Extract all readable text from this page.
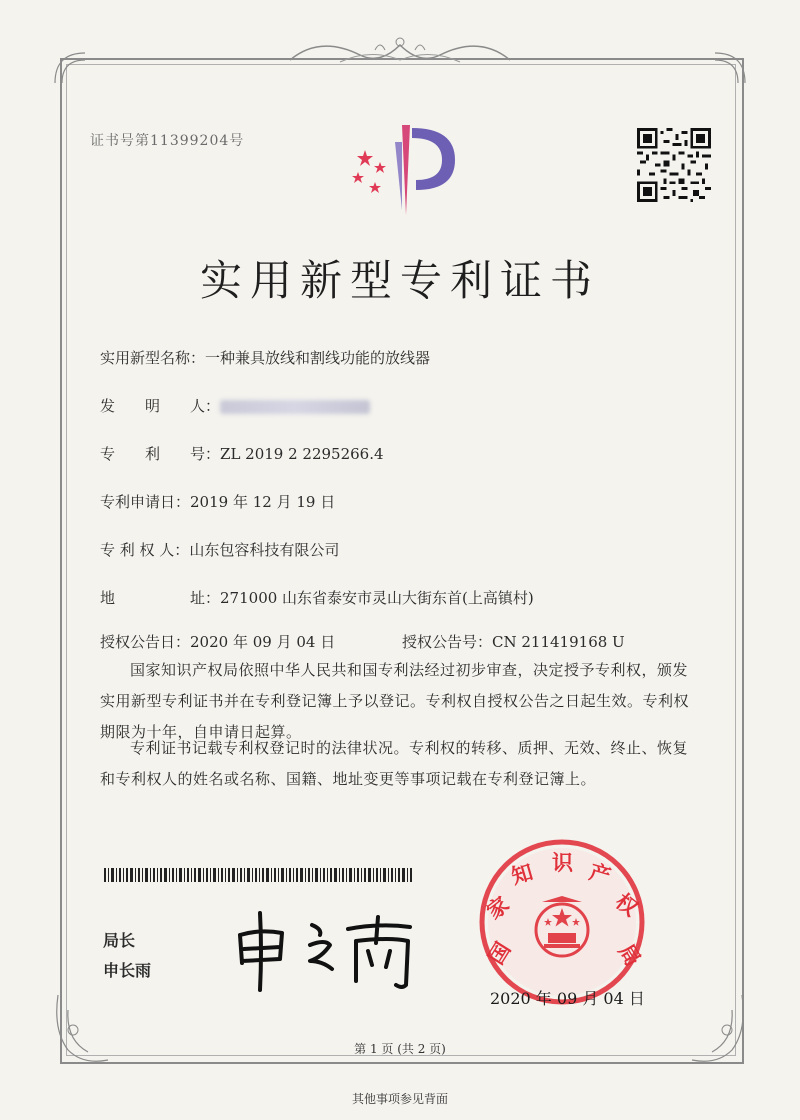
证书号第11399204号
实用新型专利证书
实用新型名称：一种兼具放线和割线功能的放线器
发　　明　　人：
专　　利　　号：ZL 2019 2 2295266.4
专利申请日：2019 年 12 月 19 日
专 利 权 人：山东包容科技有限公司
地　　　　　址：271000 山东省泰安市灵山大街东首(上高镇村)
授权公告日：2020 年 09 月 04 日	授权公告号：CN 211419168 U
国家知识产权局依照中华人民共和国专利法经过初步审查，决定授予专利权，颁发实用新型专利证书并在专利登记簿上予以登记。专利权自授权公告之日起生效。专利权期限为十年，自申请日起算。
专利证书记载专利权登记时的法律状况。专利权的转移、质押、无效、终止、恢复和专利权人的姓名或名称、国籍、地址变更等事项记载在专利登记簿上。
局长
申长雨
国
家
知 识 产
权
局
2020 年 09 月 04 日
第 1 页 (共 2 页)
其他事项参见背面
